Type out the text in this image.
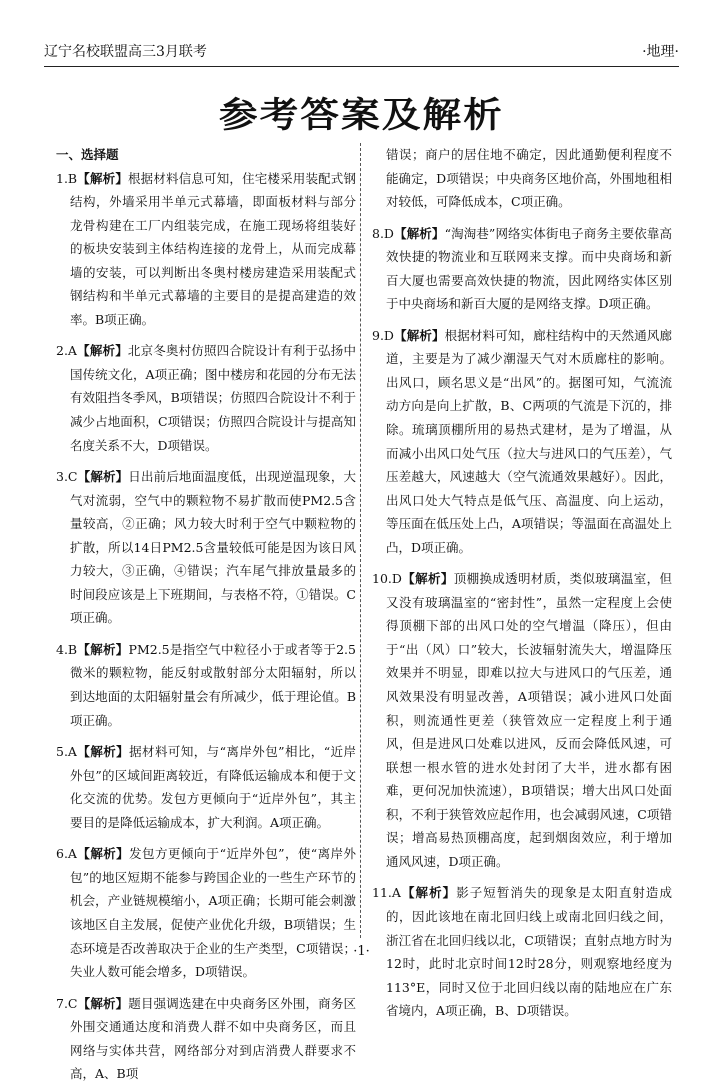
辽宁名校联盟高三3月联考	·地理·
参考答案及解析
一、选择题

1.B【解析】根据材料信息可知，住宅楼采用装配式钢结构，外墙采用半单元式幕墙，即面板材料与部分龙骨构建在工厂内组装完成，在施工现场将组装好的板块安装到主体结构连接的龙骨上，从而完成幕墙的安装，可以判断出冬奥村楼房建造采用装配式钢结构和半单元式幕墙的主要目的是提高建造的效率。B项正确。

2.A【解析】北京冬奥村仿照四合院设计有利于弘扬中国传统文化，A项正确；图中楼房和花园的分布无法有效阻挡冬季风，B项错误；仿照四合院设计不利于减少占地面积，C项错误；仿照四合院设计与提高知名度关系不大，D项错误。

3.C【解析】日出前后地面温度低，出现逆温现象，大气对流弱，空气中的颗粒物不易扩散而使PM2.5含量较高，②正确；风力较大时利于空气中颗粒物的扩散，所以14日PM2.5含量较低可能是因为该日风力较大，③正确，④错误；汽车尾气排放量最多的时间段应该是上下班期间，与表格不符，①错误。C项正确。

4.B【解析】PM2.5是指空气中粒径小于或者等于2.5微米的颗粒物，能反射或散射部分太阳辐射，所以到达地面的太阳辐射量会有所减少，低于理论值。B项正确。

5.A【解析】据材料可知，与“离岸外包”相比，“近岸外包”的区域间距离较近，有降低运输成本和便于文化交流的优势。发包方更倾向于“近岸外包”，其主要目的是降低运输成本，扩大利润。A项正确。

6.A【解析】发包方更倾向于“近岸外包”，使“离岸外包”的地区短期不能参与跨国企业的一些生产环节的机会，产业链规模缩小，A项正确；长期可能会刺激该地区自主发展，促使产业优化升级，B项错误；生态环境是否改善取决于企业的生产类型，C项错误；失业人数可能会增多，D项错误。

7.C【解析】题目强调选建在中央商务区外围，商务区外围交通通达度和消费人群不如中央商务区，而且网络与实体共营，网络部分对到店消费人群要求不高，A、B项

错误；商户的居住地不确定，因此通勤便利程度不能确定，D项错误；中央商务区地价高，外围地租相对较低，可降低成本，C项正确。

8.D【解析】“淘淘巷”网络实体街电子商务主要依靠高效快捷的物流业和互联网来支撑。而中央商场和新百大厦也需要高效快捷的物流，因此网络实体区别于中央商场和新百大厦的是网络支撑。D项正确。

9.D【解析】根据材料可知，廊柱结构中的天然通风廊道，主要是为了减少潮湿天气对木质廊柱的影响。出风口，顾名思义是“出风”的。据图可知，气流流动方向是向上扩散，B、C两项的气流是下沉的，排除。琉璃顶棚所用的易热式建材，是为了增温，从而减小出风口处气压（拉大与进风口的气压差），气压差越大，风速越大（空气流通效果越好）。因此，出风口处大气特点是低气压、高温度、向上运动，等压面在低压处上凸，A项错误；等温面在高温处上凸，D项正确。

10.D【解析】顶棚换成透明材质，类似玻璃温室，但又没有玻璃温室的“密封性”，虽然一定程度上会使得顶棚下部的出风口处的空气增温（降压），但由于“出（风）口”较大，长波辐射流失大，增温降压效果并不明显，即难以拉大与进风口的气压差，通风效果没有明显改善，A项错误；减小进风口处面积，则流通性更差（狭管效应一定程度上利于通风，但是进风口处难以进风，反而会降低风速，可联想一根水管的进水处封闭了大半，进水都有困难，更何况加快流速），B项错误；增大出风口处面积，不利于狭管效应起作用，也会减弱风速，C项错误；增高易热顶棚高度，起到烟囱效应，利于增加通风风速，D项正确。

11.A【解析】影子短暂消失的现象是太阳直射造成的，因此该地在南北回归线上或南北回归线之间，浙江省在北回归线以北，C项错误；直射点地方时为12时，此时北京时间12时28分，则观察地经度为113°E，同时又位于北回归线以南的陆地应在广东省境内，A项正确，B、D项错误。

·1·
